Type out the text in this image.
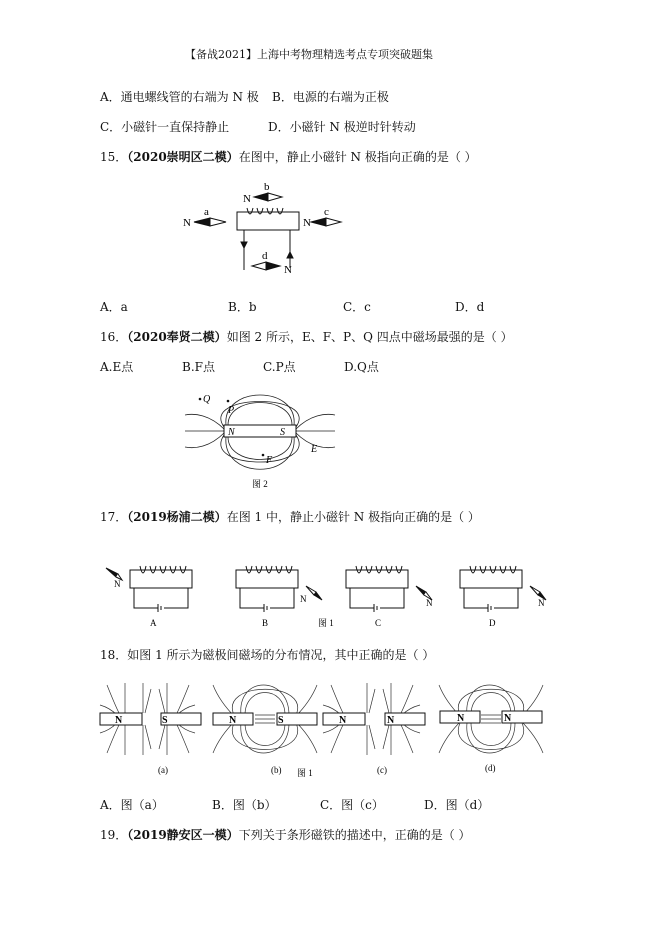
【备战2021】上海中考物理精选考点专项突破题集
A．通电螺线管的右端为 N 极 B．电源的右端为正极
C．小磁针一直保持静止	D．小磁针 N 极逆时针转动
15．（2020崇明区二模）在图中，静止小磁针 N 极指向正确的是（ ）
N
a
N
b
N
c
d
N
A．a	B．b	C．c	D．d
16．（2020奉贤二模）如图 2 所示，E、F、P、Q 四点中磁场最强的是（ ）
A.E点	B.F点	C.P点	D.Q点
N	S
Q
P
F
E
图 2
17．（2019杨浦二模）在图 1 中，静止小磁针 N 极指向正确的是（ ）
N
A
N
B	图 1
N
C
N
D
18．如图 1 所示为磁极间磁场的分布情况，其中正确的是（ ）
N	S
(a)
N	S
(b) 图 1
N	N
(c)
N	N
(d)
A．图（a）	B．图（b）	C．图（c）	D．图（d）
19．（2019静安区一模）下列关于条形磁铁的描述中，正确的是（ ）
